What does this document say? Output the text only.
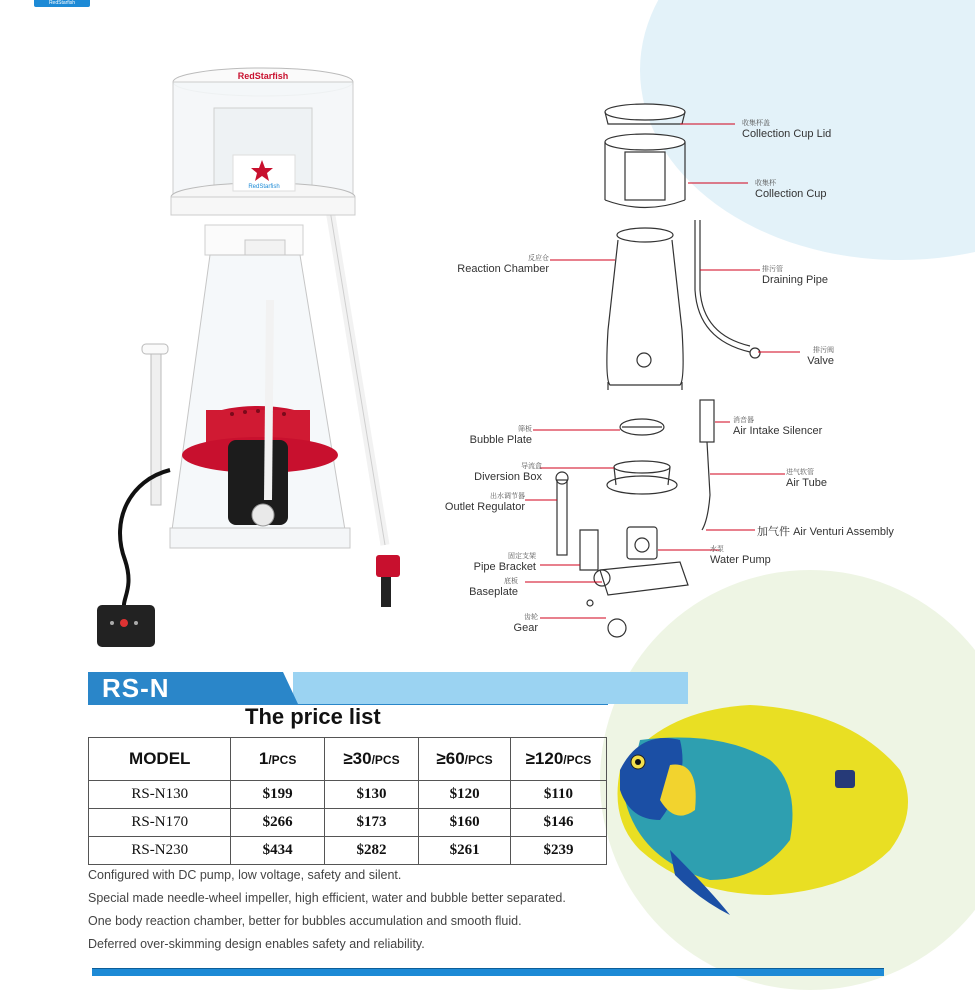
RedStarfish
RedStarfish
RedStarfish
收集杯盖
Collection Cup Lid
收集杯
Collection Cup
反应仓
Reaction Chamber	排污管
Draining Pipe
排污阀
Valve
筛板
Bubble Plate
消音器
Air Intake Silencer
导流盒
Diversion Box	进气软管
Air Tube
出水调节器
Outlet Regulator
加气件 Air Venturi Assembly
水泵
Water Pump
固定支架
Pipe Bracket
底板
Baseplate
齿轮
Gear
RS-N
The price list
MODEL	1/PCS	≥30/PCS	≥60/PCS	≥120/PCS
RS-N130	$199	$130	$120	$110
RS-N170	$266	$173	$160	$146
RS-N230	$434	$282	$261	$239
Configured with DC pump, low voltage, safety and silent.
Special made needle-wheel impeller, high efficient, water and bubble better separated.
One body reaction chamber, better for bubbles accumulation and smooth fluid.
Deferred over-skimming design enables safety and reliability.
